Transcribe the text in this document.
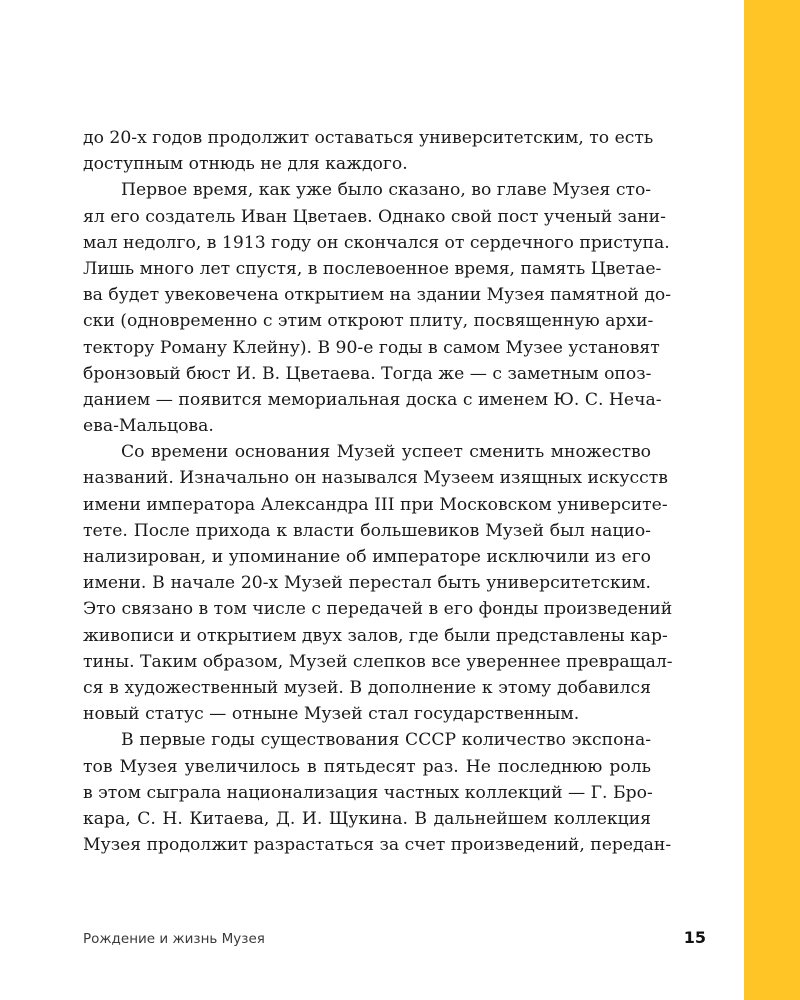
до 20-х годов продолжит оставаться университетским, то есть
доступным отнюдь не для каждого.
Первое время, как уже было сказано, во главе Музея сто-
ял его создатель Иван Цветаев. Однако свой пост ученый зани-
мал недолго, в 1913 году он скончался от сердечного приступа.
Лишь много лет спустя, в послевоенное время, память Цветае-
ва будет увековечена открытием на здании Музея памятной до-
ски (одновременно с этим откроют плиту, посвященную архи-
тектору Роману Клейну). В 90-е годы в самом Музее установят
бронзовый бюст И. В. Цветаева. Тогда же — с заметным опоз-
данием — появится мемориальная доска с именем Ю. С. Неча-
ева-Мальцова.
Со времени основания Музей успеет сменить множество
названий. Изначально он назывался Музеем изящных искусств
имени императора Александра III при Московском университе-
тете. После прихода к власти большевиков Музей был нацио-
нализирован, и упоминание об императоре исключили из его
имени. В начале 20-х Музей перестал быть университетским.
Это связано в том числе с передачей в его фонды произведений
живописи и открытием двух залов, где были представлены кар-
тины. Таким образом, Музей слепков все увереннее превращал-
ся в художественный музей. В дополнение к этому добавился
новый статус — отныне Музей стал государственным.
В первые годы существования СССР количество экспона-
тов Музея увеличилось в пятьдесят раз. Не последнюю роль
в этом сыграла национализация частных коллекций — Г. Бро-
кара, С. Н. Китаева, Д. И. Щукина. В дальнейшем коллекция
Музея продолжит разрастаться за счет произведений, передан-
Рождение и жизнь Музея	15
